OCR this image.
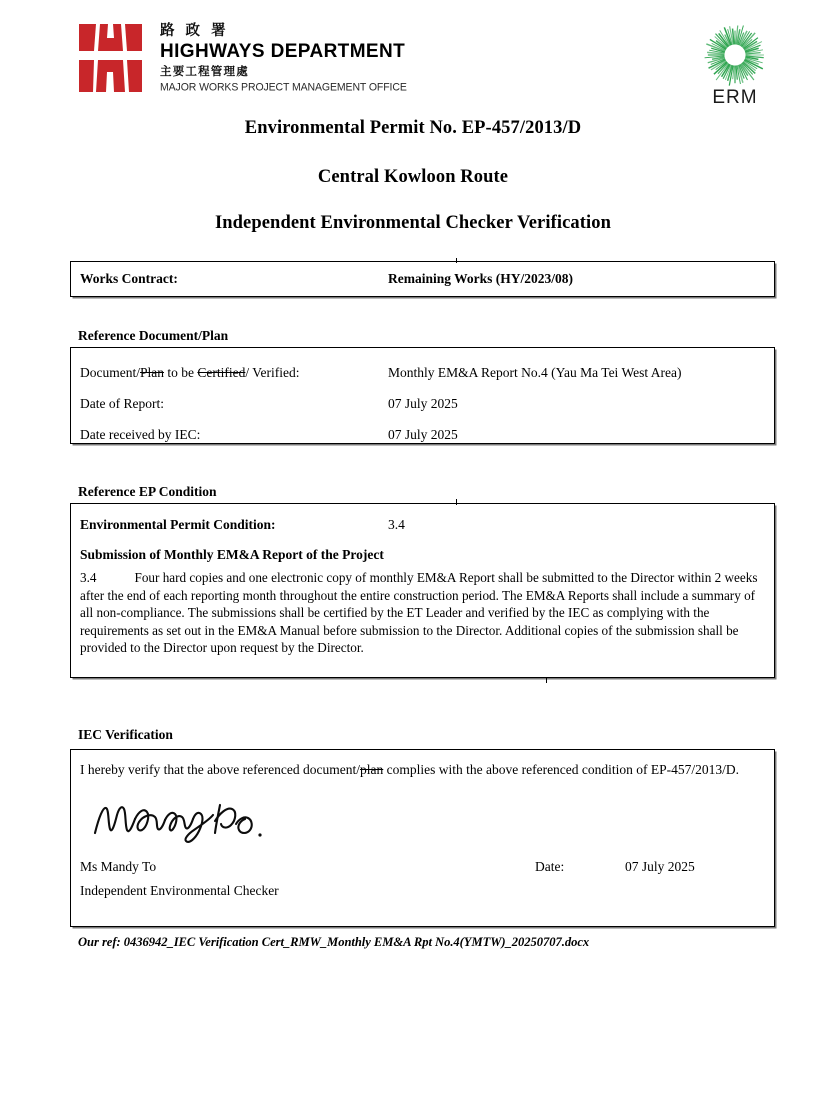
路 政 署
HIGHWAYS DEPARTMENT
主要工程管理處
MAJOR WORKS PROJECT MANAGEMENT OFFICE	ERM
Environmental Permit No. EP-457/2013/D
Central Kowloon Route
Independent Environmental Checker Verification
Works Contract:	Remaining Works (HY/2023/08)
Reference Document/Plan
Document/Plan to be Certified/ Verified:	Monthly EM&A Report No.4 (Yau Ma Tei West Area)
Date of Report:	07 July 2025
Date received by IEC:	07 July 2025
Reference EP Condition
Environmental Permit Condition:	3.4
Submission of Monthly EM&A Report of the Project
3.4	Four hard copies and one electronic copy of monthly EM&A Report shall be submitted to the Director within 2 weeks after the end of each reporting month throughout the entire construction period. The EM&A Reports shall include a summary of all non-compliance. The submissions shall be certified by the ET Leader and verified by the IEC as complying with the requirements as set out in the EM&A Manual before submission to the Director. Additional copies of the submission shall be provided to the Director upon request by the Director.
IEC Verification
I hereby verify that the above referenced document/plan complies with the above referenced condition of EP-457/2013/D.
Ms Mandy To	Date:	07 July 2025
Independent Environmental Checker
Our ref: 0436942_IEC Verification Cert_RMW_Monthly EM&A Rpt No.4(YMTW)_20250707.docx
